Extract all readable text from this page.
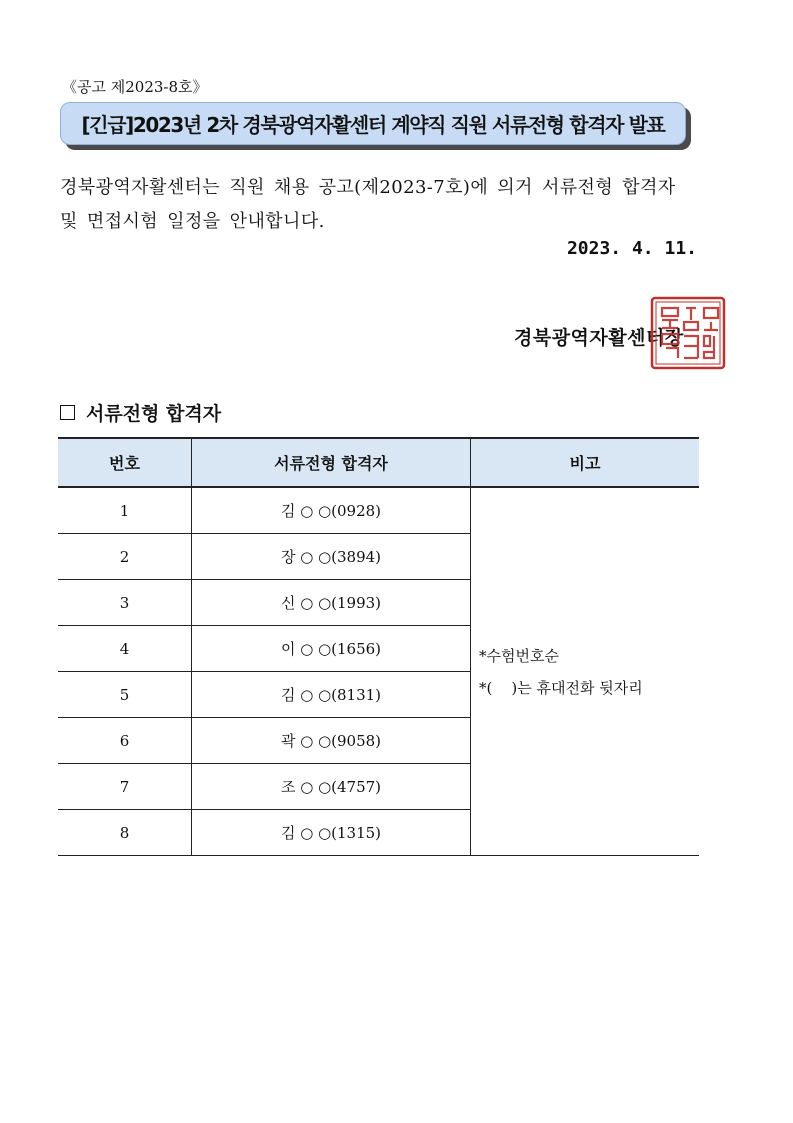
《공고 제2023-8호》
[긴급]2023년 2차 경북광역자활센터 계약직 직원 서류전형 합격자 발표
경북광역자활센터는 직원 채용 공고(제2023-7호)에 의거 서류전형 합격자
및 면접시험 일정을 안내합니다.
2023. 4. 11.
경북광역자활센터장
서류전형 합격자
번호	서류전형 합격자	비고
1	김 ○ ○(0928)	*수험번호순
*(    )는 휴대전화 뒷자리

2	장 ○ ○(3894)	
3	신 ○ ○(1993)	
4	이 ○ ○(1656)	
5	김 ○ ○(8131)	
6	곽 ○ ○(9058)	
7	조 ○ ○(4757)	
8	김 ○ ○(1315)	
